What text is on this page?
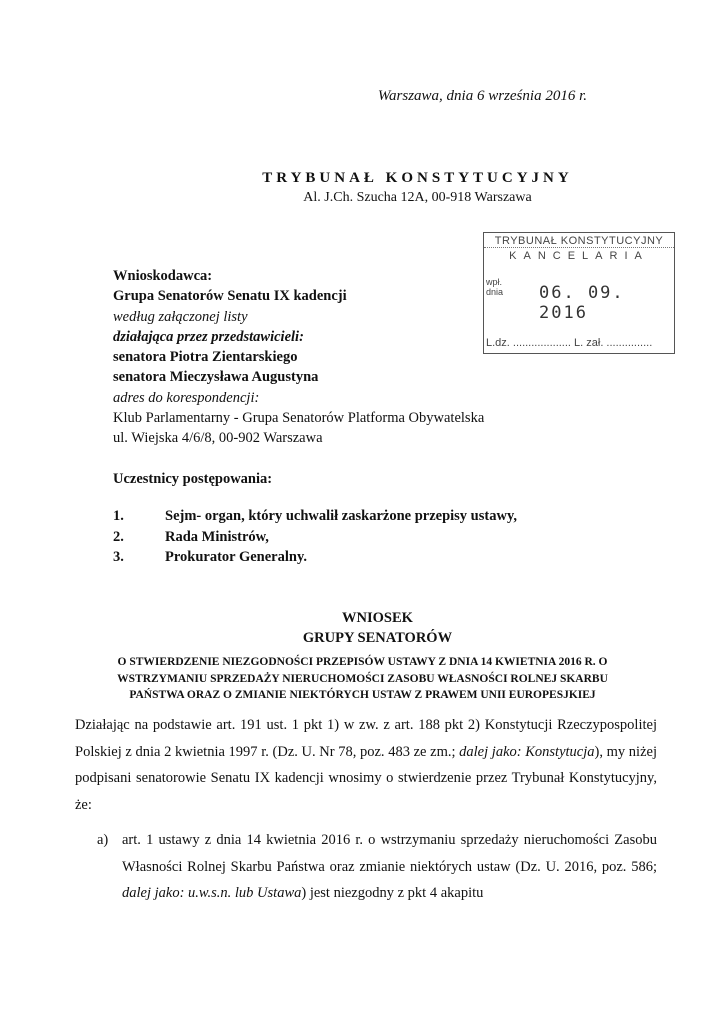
Warszawa, dnia 6 września 2016 r.
TRYBUNAŁ KONSTYTUCYJNY
Al. J.Ch. Szucha 12A, 00-918 Warszawa
TRYBUNAŁ KONSTYTUCYJNY
KANCELARIA
wpł.
dnia 06. 09. 2016
L.dz. ................... L. zał. ...............
Wnioskodawca:
Grupa Senatorów Senatu IX kadencji
według załączonej listy
działająca przez przedstawicieli:
senatora Piotra Zientarskiego
senatora Mieczysława Augustyna
adres do korespondencji:
Klub Parlamentarny - Grupa Senatorów Platforma Obywatelska
ul. Wiejska 4/6/8, 00-902 Warszawa
Uczestnicy postępowania:
1.	Sejm- organ, który uchwalił zaskarżone przepisy ustawy,
2.	Rada Ministrów,
3.	Prokurator Generalny.
WNIOSEK
GRUPY SENATORÓW
O STWIERDZENIE NIEZGODNOŚCI PRZEPISÓW USTAWY Z DNIA 14 KWIETNIA 2016 R. O
WSTRZYMANIU SPRZEDAŻY NIERUCHOMOŚCI ZASOBU WŁASNOŚCI ROLNEJ SKARBU
PAŃSTWA ORAZ O ZMIANIE NIEKTÓRYCH USTAW Z PRAWEM UNII EUROPESJKIEJ
Działając na podstawie art. 191 ust. 1 pkt 1) w zw. z art. 188 pkt 2) Konstytucji Rzeczypospolitej Polskiej z dnia 2 kwietnia 1997 r. (Dz. U. Nr 78, poz. 483 ze zm.; dalej jako: Konstytucja), my niżej podpisani senatorowie Senatu IX kadencji wnosimy o stwierdzenie przez Trybunał Konstytucyjny, że:
a) art. 1 ustawy z dnia 14 kwietnia 2016 r. o wstrzymaniu sprzedaży nieruchomości Zasobu Własności Rolnej Skarbu Państwa oraz zmianie niektórych ustaw (Dz. U. 2016, poz. 586; dalej jako: u.w.s.n. lub Ustawa) jest niezgodny z pkt 4 akapitu
